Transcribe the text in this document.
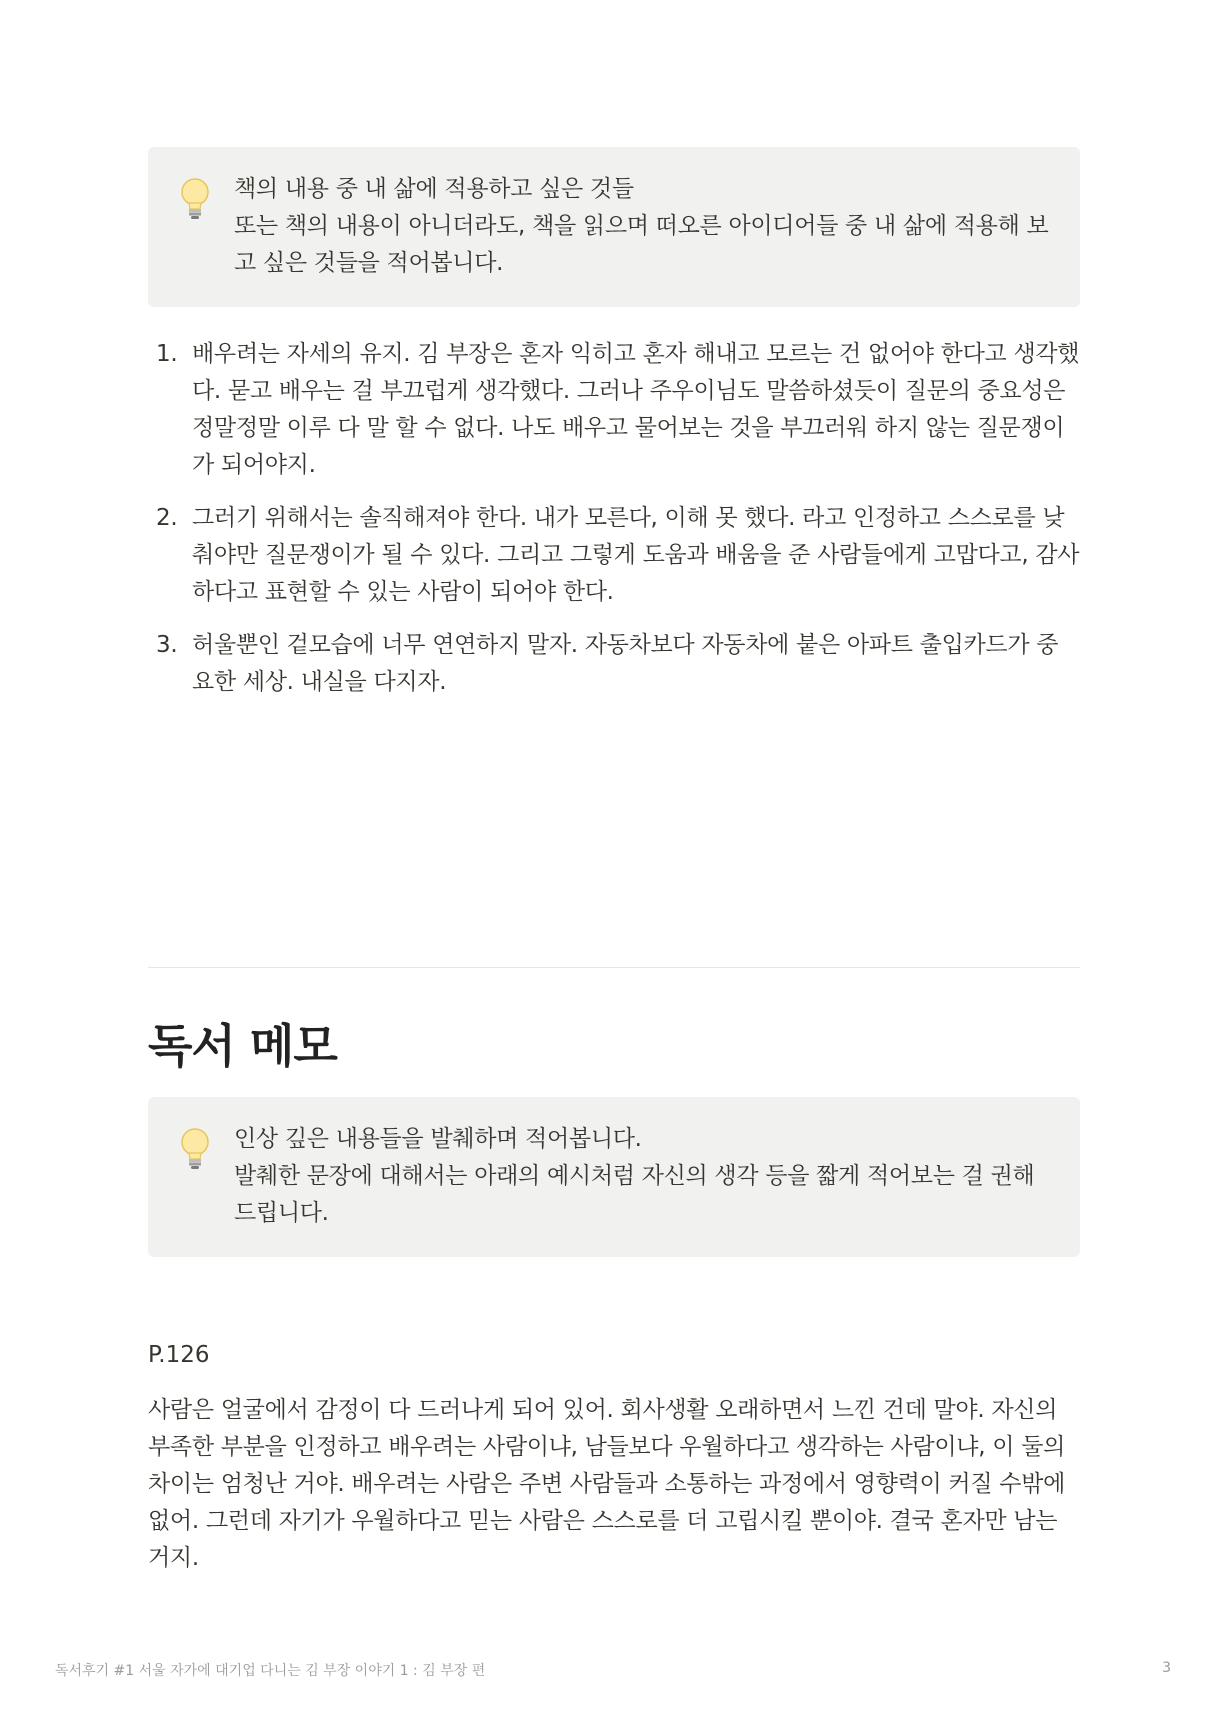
책의 내용 중 내 삶에 적용하고 싶은 것들

또는 책의 내용이 아니더라도, 책을 읽으며 떠오른 아이디어들 중 내 삶에 적용해 보고 싶은 것들을 적어봅니다.

1. 배우려는 자세의 유지. 김 부장은 혼자 익히고 혼자 해내고 모르는 건 없어야 한다고 생각했다. 묻고 배우는 걸 부끄럽게 생각했다. 그러나 주우이님도 말씀하셨듯이 질문의 중요성은 정말정말 이루 다 말 할 수 없다. 나도 배우고 물어보는 것을 부끄러워 하지 않는 질문쟁이가 되어야지.
2. 그러기 위해서는 솔직해져야 한다. 내가 모른다, 이해 못 했다. 라고 인정하고 스스로를 낮춰야만 질문쟁이가 될 수 있다. 그리고 그렇게 도움과 배움을 준 사람들에게 고맙다고, 감사하다고 표현할 수 있는 사람이 되어야 한다.
3. 허울뿐인 겉모습에 너무 연연하지 말자. 자동차보다 자동차에 붙은 아파트 출입카드가 중요한 세상. 내실을 다지자.
독서 메모

인상 깊은 내용들을 발췌하며 적어봅니다.

발췌한 문장에 대해서는 아래의 예시처럼 자신의 생각 등을 짧게 적어보는 걸 권해드립니다.

P.126

사람은 얼굴에서 감정이 다 드러나게 되어 있어. 회사생활 오래하면서 느낀 건데 말야. 자신의 부족한 부분을 인정하고 배우려는 사람이냐, 남들보다 우월하다고 생각하는 사람이냐, 이 둘의 차이는 엄청난 거야. 배우려는 사람은 주변 사람들과 소통하는 과정에서 영향력이 커질 수밖에 없어. 그런데 자기가 우월하다고 믿는 사람은 스스로를 더 고립시킬 뿐이야. 결국 혼자만 남는 거지.

독서후기 #1 서울 자가에 대기업 다니는 김 부장 이야기 1 : 김 부장 편	3
